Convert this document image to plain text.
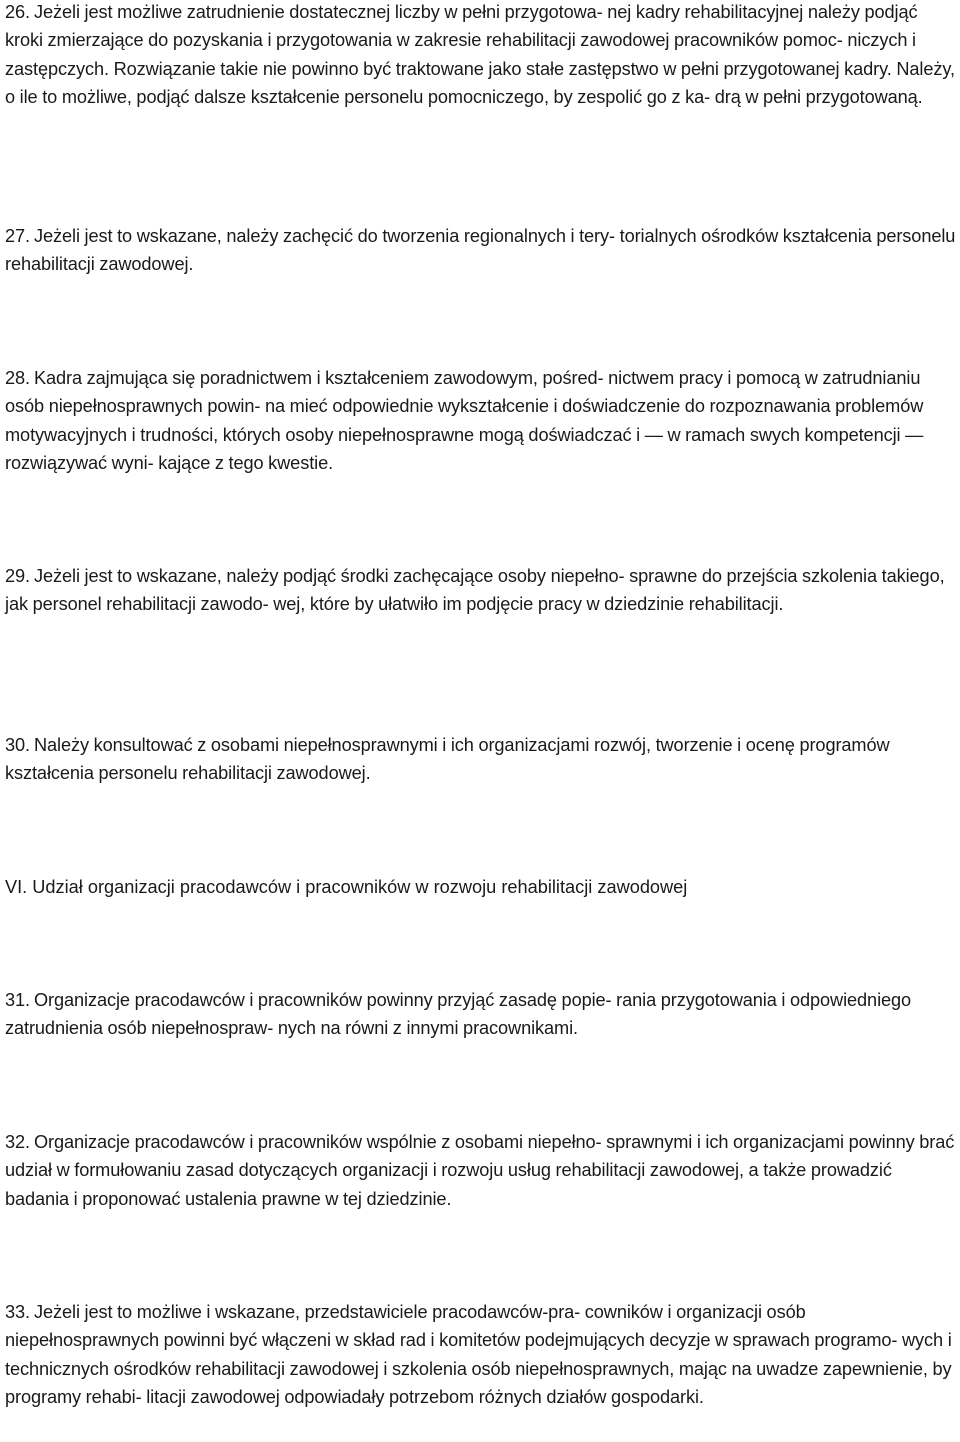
26. Jeżeli jest możliwe zatrudnienie dostatecznej liczby w pełni przygotowa- nej kadry rehabilitacyjnej należy podjąć kroki zmierzające do pozyskania i przygotowania w zakresie rehabilitacji zawodowej pracowników pomoc- niczych i zastępczych. Rozwiązanie takie nie powinno być traktowane jako stałe zastępstwo w pełni przygotowanej kadry. Należy, o ile to możliwe, podjąć dalsze kształcenie personelu pomocniczego, by zespolić go z ka- drą w pełni przygotowaną.

27. Jeżeli jest to wskazane, należy zachęcić do tworzenia regionalnych i tery- torialnych ośrodków kształcenia personelu rehabilitacji zawodowej.

28. Kadra zajmująca się poradnictwem i kształceniem zawodowym, pośred- nictwem pracy i pomocą w zatrudnianiu osób niepełnosprawnych powin- na mieć odpowiednie wykształcenie i doświadczenie do rozpoznawania problemów motywacyjnych i trudności, których osoby niepełnosprawne mogą doświadczać i — w ramach swych kompetencji — rozwiązywać wyni- kające z tego kwestie.

29. Jeżeli jest to wskazane, należy podjąć środki zachęcające osoby niepełno- sprawne do przejścia szkolenia takiego, jak personel rehabilitacji zawodo- wej, które by ułatwiło im podjęcie pracy w dziedzinie rehabilitacji.

30. Należy konsultować z osobami niepełnosprawnymi i ich organizacjami rozwój, tworzenie i ocenę programów kształcenia personelu rehabilitacji zawodowej.

VI. Udział organizacji pracodawców i pracowników w rozwoju rehabilitacji zawodowej

31. Organizacje pracodawców i pracowników powinny przyjąć zasadę popie- rania przygotowania i odpowiedniego zatrudnienia osób niepełnospraw- nych na równi z innymi pracownikami.

32. Organizacje pracodawców i pracowników wspólnie z osobami niepełno- sprawnymi i ich organizacjami powinny brać udział w formułowaniu zasad dotyczących organizacji i rozwoju usług rehabilitacji zawodowej, a także prowadzić badania i proponować ustalenia prawne w tej dziedzinie.

33. Jeżeli jest to możliwe i wskazane, przedstawiciele pracodawców-pra- cowników i organizacji osób niepełnosprawnych powinni być włączeni w skład rad i komitetów podejmujących decyzje w sprawach programo- wych i technicznych ośrodków rehabilitacji zawodowej i szkolenia osób niepełnosprawnych, mając na uwadze zapewnienie, by programy rehabi- litacji zawodowej odpowiadały potrzebom różnych działów gospodarki.
